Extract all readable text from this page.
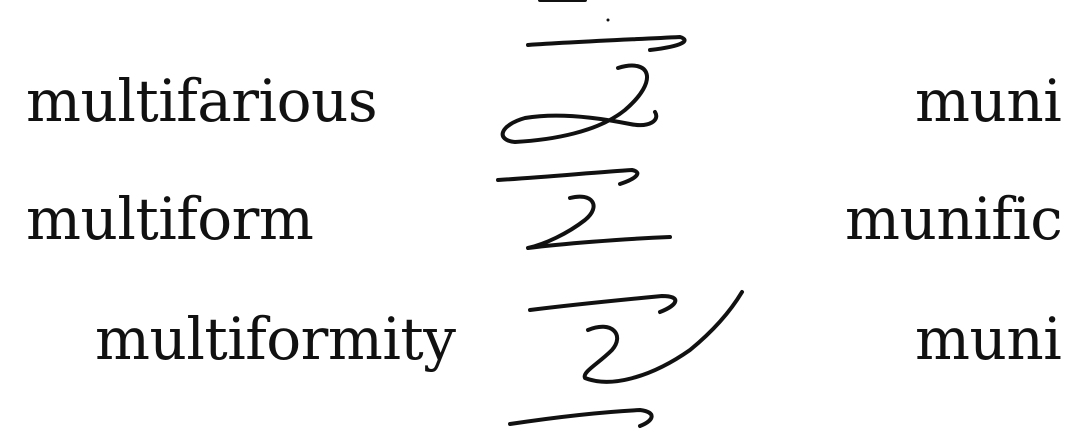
multifarious
multiform
multiformity
muni
munific
muni
